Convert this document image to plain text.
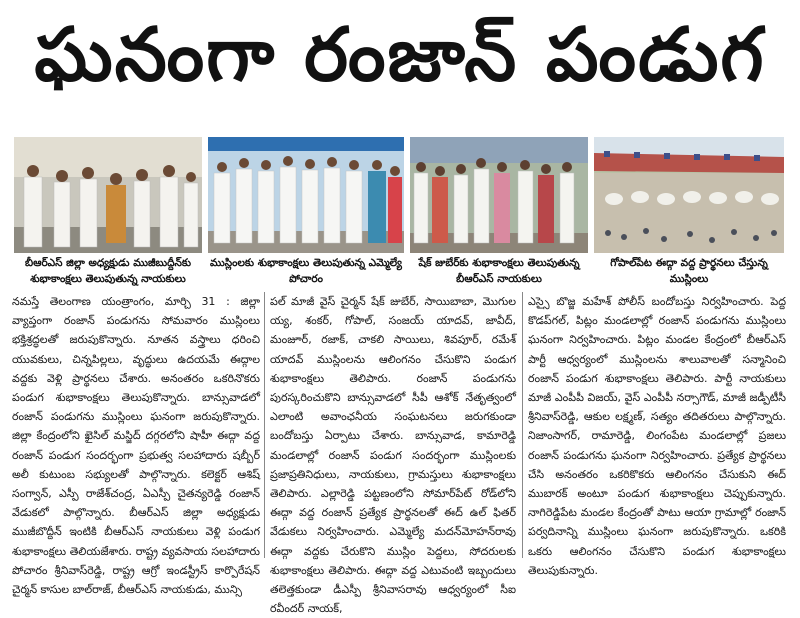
ఘనంగా రంజాన్ పండుగ
బీఆర్ఎస్ జిల్లా అధ్యక్షుడు ముజీబుద్దీన్‌కు శుభాకాంక్షలు తెలుపుతున్న నాయకులు
ముస్లింలకు శుభాకాంక్షలు తెలుపుతున్న ఎమ్మెల్యే పోచారం
షేక్ జుబేర్‌కు శుభాకాంక్షలు తెలుపుతున్న బీఆర్ఎస్ నాయకులు
గోపాల్‌పేట ఈద్గా వద్ద ప్రార్థనలు చేస్తున్న ముస్లింలు
నమస్తే తెలంగాణ యంత్రాంగం, మార్చి 31 : జిల్లా వ్యాప్తంగా రంజాన్ పండుగను సోమవారం ముస్లింలు భక్తిశ్రద్ధలతో జరుపుకొన్నారు. నూతన వస్త్రాలు ధరించి యువకులు, చిన్నపిల్లలు, వృద్ధులు ఉదయమే ఈద్గాల వద్దకు వెళ్లి ప్రార్థనలు చేశారు. అనంతరం ఒకరినొకరు పండుగ శుభాకాంక్షలు తెలుపుకొన్నారు. బాన్సువాడలో రంజాన్ పండుగను ముస్లింలు ఘనంగా జరుపుకొన్నారు. జిల్లా కేంద్రంలోని ఖైసిల్ మస్జిద్ దగ్గరలోని షాహీ ఈద్గా వద్ద రంజాన్ పండుగ సందర్భంగా ప్రభుత్వ సలహాదారు షబ్బీర్ అలీ కుటుంబ సభ్యులతో పాల్గొన్నారు. కలెక్టర్ ఆశిష్ సంగ్వాన్, ఎస్పీ రాజేశ్‌చంద్ర, ఏఎస్పీ చైతన్యరెడ్డి రంజాన్ వేడుకలో పాల్గొన్నారు. బీఆర్ఎస్ జిల్లా అధ్యక్షుడు ముజీబొద్దీన్ ఇంటికి బీఆర్ఎస్ నాయకులు వెళ్లి పండుగ శుభాకాంక్షలు తెలియజేశారు. రాష్ట్ర వ్యవసాయ సలహాదారు పోచారం శ్రీనివాస్‌రెడ్డి, రాష్ట్ర ఆగ్రో ఇండస్ట్రీస్ కార్పొరేషన్ చైర్మన్ కాసుల బాల్‌రాజ్, బీఆర్ఎస్ నాయకుడు, మున్సి
పల్ మాజీ వైస్ చైర్మన్ షేక్ జుబేర్, సాయిబాబా, మొగుల య్య, శంకర్, గోపాల్, సంజయ్ యాదవ్, జావీద్, మంజూర్, రజాక్, చాకలి సాయిలు, శివపూర్, రమేశ్ యాదవ్ ముస్లింలను ఆలింగనం చేసుకొని పండుగ శుభాకాంక్షలు తెలిపారు. రంజాన్ పండుగను పురస్కరించుకొని బాన్సువాడలో సీపీ ఆశోక్ నేతృత్వంలో ఎలాంటి అవాంఛనీయ సంఘటనలు జరుగకుండా బందోబస్తు ఏర్పాటు చేశారు. బాన్సువాడ, కామారెడ్డి మండలాల్లో రంజాన్ పండుగ సందర్భంగా ముస్లింలకు ప్రజాప్రతినిధులు, నాయకులు, గ్రామస్తులు శుభాకాంక్షలు తెలిపారు. ఎల్లారెడ్డి పట్టణంలోని సోమార్‌పేట్ రోడ్‌లోని ఈద్గా వద్ద రంజాన్ ప్రత్యేక ప్రార్థనలతో ఈద్ ఉల్ ఫితర్ వేడుకలు నిర్వహించారు. ఎమ్మెల్యే మదన్‌మోహన్‌రావు ఈద్గా వద్దకు చేరుకొని ముస్లిం పెద్దలు, సోదరులకు శుభాకాంక్షలు తెలిపారు. ఈద్గా వద్ద ఎటువంటి ఇబ్బందులు తలెత్తకుండా డీఎస్పీ శ్రీనివాసరావు ఆధ్వర్యంలో సీఐ రవీందర్ నాయక్,
ఎస్సై బొజ్జ మహేశ్ పోలీస్ బందోబస్తు నిర్వహించారు. పెద్ద కొడప్‌గల్, పిట్లం మండలాల్లో రంజాన్ పండుగను ముస్లింలు ఘనంగా నిర్వహించారు. పిట్లం మండల కేంద్రంలో బీఆర్ఎస్ పార్టీ ఆధ్వర్యంలో ముస్లింలను శాలువాలతో సన్మానించి రంజాన్ పండుగ శుభాకాంక్షలు తెలిపారు. పార్టీ నాయకులు మాజీ ఎంపీపీ విజయ్, వైస్ ఎంపీపీ నర్సాగౌడ్, మాజీ జడ్పీటీసీ శ్రీనివాస్‌రెడ్డి, ఆకుల లక్ష్మణ్, సత్యం తదితరులు పాల్గొన్నారు. నిజాంసాగర్, రామారెడ్డి, లింగంపేట మండలాల్లో ప్రజలు రంజాన్ పండుగను ఘనంగా నిర్వహించారు. ప్రత్యేక ప్రార్థనలు చేసి అనంతరం ఒకరికొకరు ఆలింగనం చేసుకుని ఈద్ ముబారక్ అంటూ పండుగ శుభాకాంక్షలు చెప్పుకున్నారు. నాగిరెడ్డిపేట మండల కేంద్రంతో పాటు ఆయా గ్రామాల్లో రంజాన్ పర్వదినాన్ని ముస్లింలు ఘనంగా జరుపుకొన్నారు. ఒకరికి ఒకరు ఆలింగనం చేసుకొని పండుగ శుభాకాంక్షలు తెలుపుకున్నారు.
